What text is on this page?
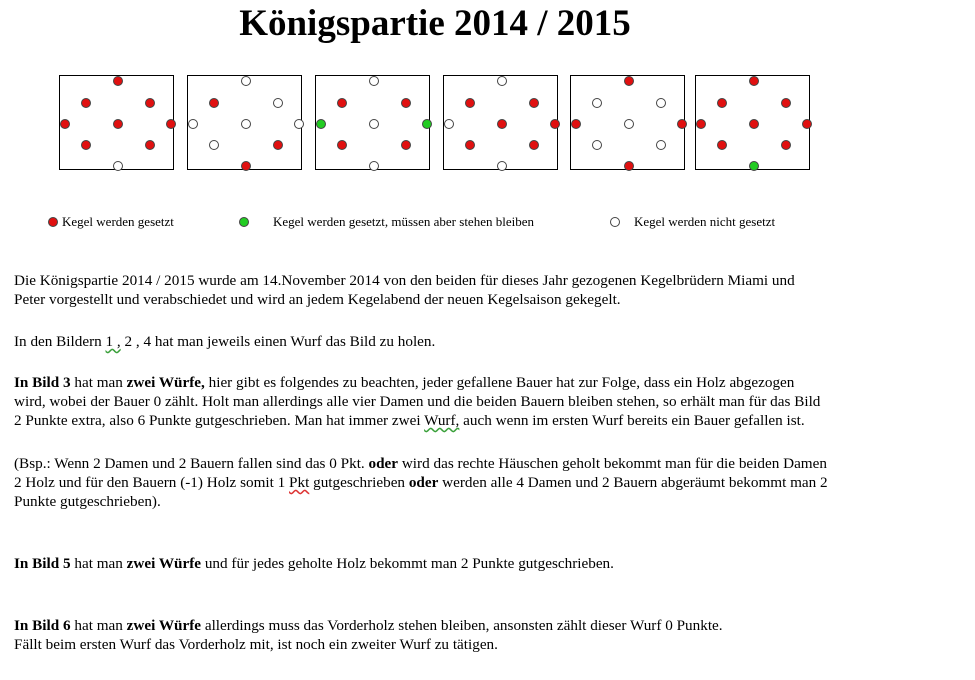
Königspartie 2014 / 2015
Kegel werden gesetzt	Kegel werden gesetzt, müssen aber stehen bleiben	Kegel werden nicht gesetzt

Die Königspartie 2014 / 2015 wurde am 14.November 2014 von den beiden für dieses Jahr gezogenen Kegelbrüdern Miami und
Peter vorgestellt und verabschiedet und wird an jedem Kegelabend der neuen Kegelsaison gekegelt.

In den Bildern 1 , 2 , 4 hat man jeweils einen Wurf das Bild zu holen.

In Bild 3 hat man zwei Würfe, hier gibt es folgendes zu beachten, jeder gefallene Bauer hat zur Folge, dass ein Holz abgezogen
wird, wobei der Bauer 0 zählt. Holt man allerdings alle vier Damen und die beiden Bauern bleiben stehen, so erhält man für das Bild
2 Punkte extra, also 6 Punkte gutgeschrieben. Man hat immer zwei Wurf, auch wenn im ersten Wurf bereits ein Bauer gefallen ist.

(Bsp.: Wenn 2 Damen und 2 Bauern fallen sind das 0 Pkt. oder wird das rechte Häuschen geholt bekommt man für die beiden Damen
2 Holz und für den Bauern (-1) Holz somit 1 Pkt gutgeschrieben oder werden alle 4 Damen und 2 Bauern abgeräumt bekommt man 2
Punkte gutgeschrieben).

In Bild 5 hat man zwei Würfe und für jedes geholte Holz bekommt man 2 Punkte gutgeschrieben.

In Bild 6 hat man zwei Würfe allerdings muss das Vorderholz stehen bleiben, ansonsten zählt dieser Wurf 0 Punkte.
Fällt beim ersten Wurf das Vorderholz mit, ist noch ein zweiter Wurf zu tätigen.
